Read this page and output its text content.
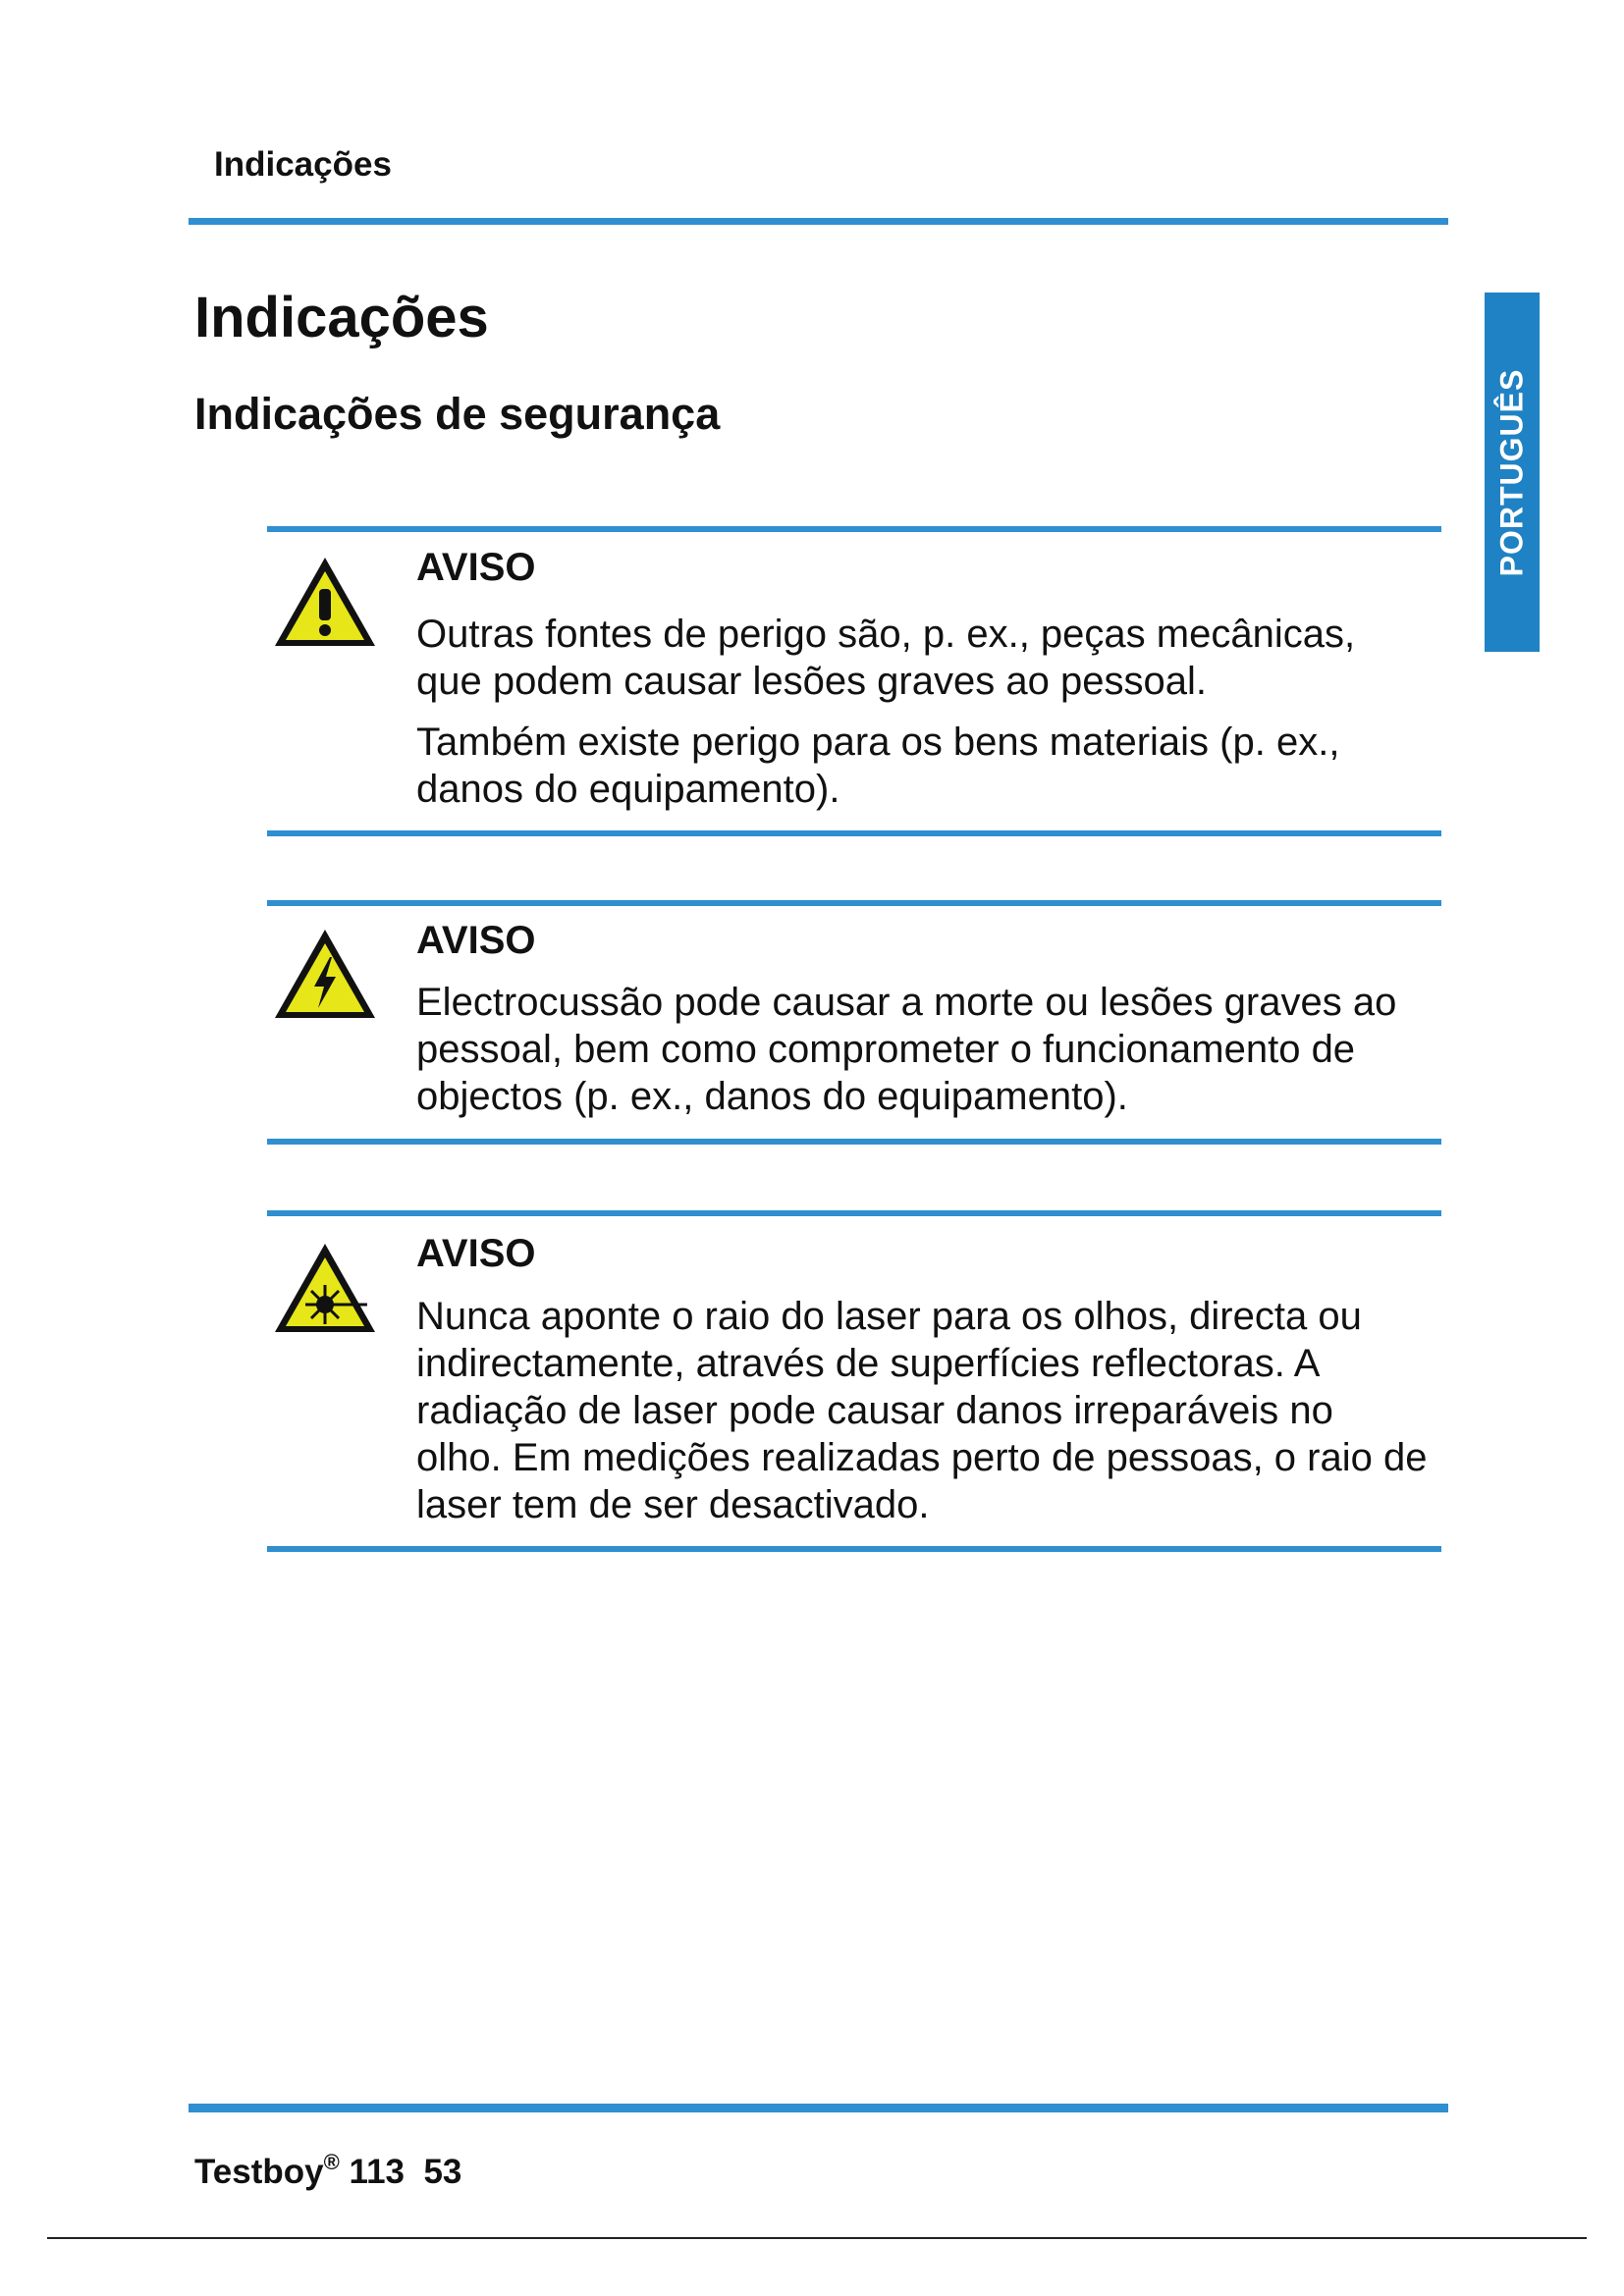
Indicações
Indicações
Indicações de segurança	PORTUGUÊS
AVISO
Outras fontes de perigo são, p. ex., peças mecânicas, que podem causar lesões graves ao pessoal.
Também existe perigo para os bens materiais (p. ex., danos do equipamento).
AVISO
Electrocussão pode causar a morte ou lesões graves ao pessoal, bem como comprometer o funcionamento de objectos (p. ex., danos do equipamento).
AVISO
Nunca aponte o raio do laser para os olhos, directa ou indirectamente, através de superfícies reflectoras. A radiação de laser pode causar danos irreparáveis no olho. Em medições realizadas perto de pessoas, o raio de laser tem de ser desactivado.
Testboy® 113 53
